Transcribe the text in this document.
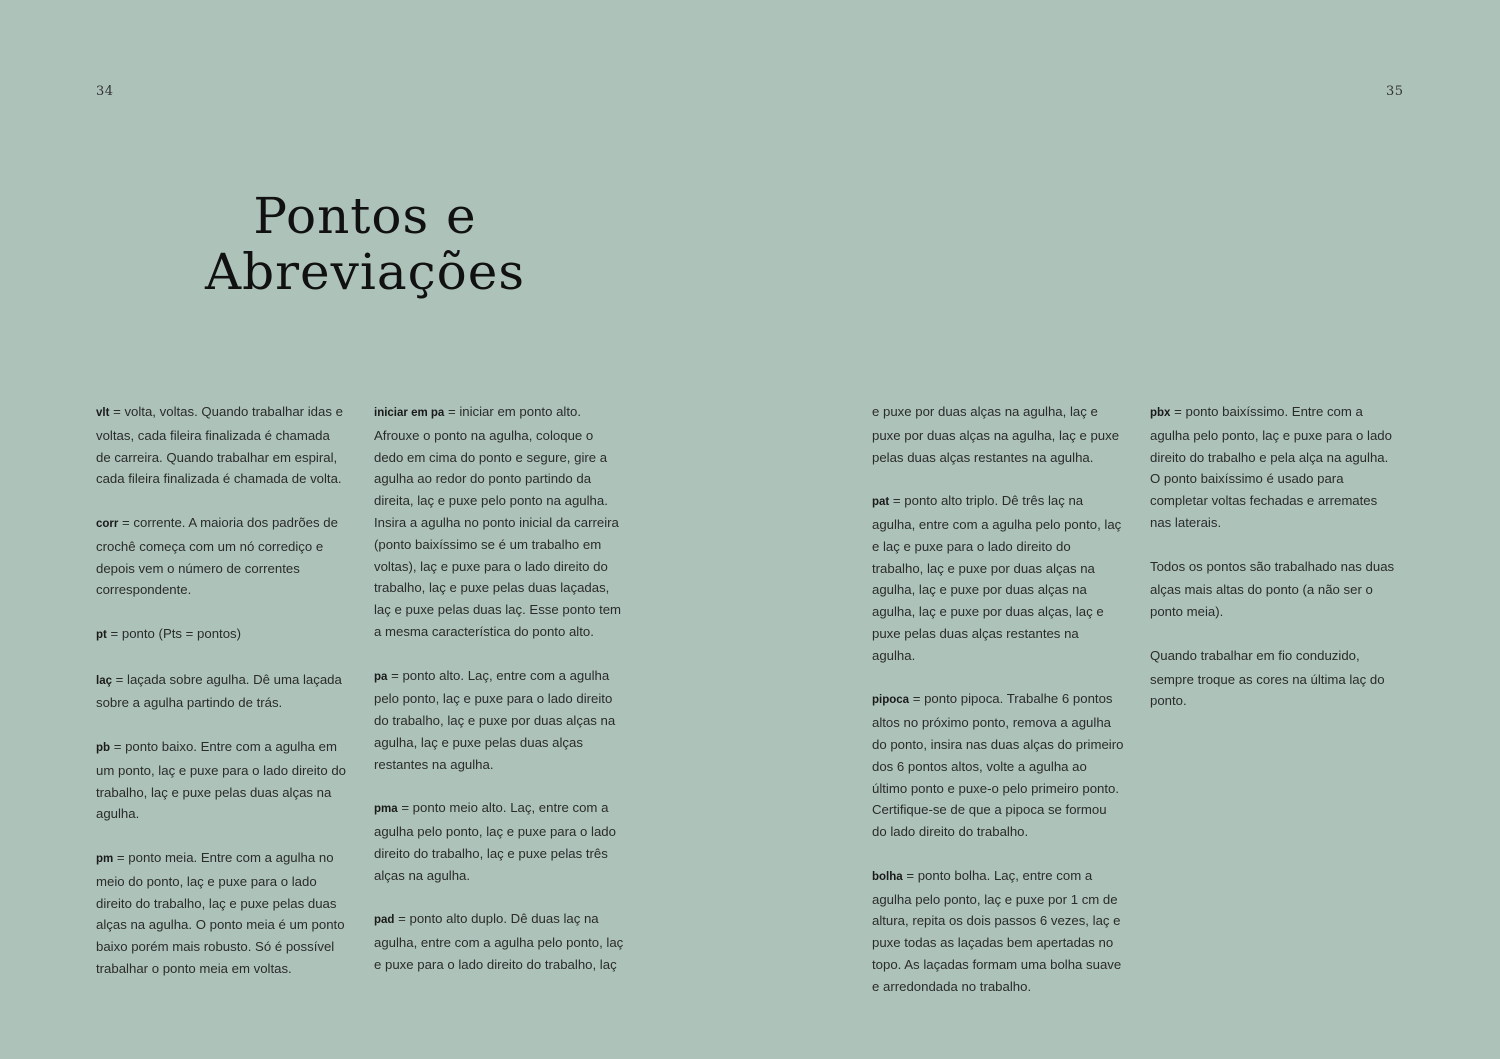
34	35
Pontos e
Abreviações

vlt = volta, voltas. Quando trabalhar idas e voltas, cada fileira finalizada é chamada de carreira. Quando trabalhar em espiral, cada fileira finalizada é chamada de volta.

corr = corrente. A maioria dos padrões de crochê começa com um nó corrediço e depois vem o número de correntes correspondente.

pt = ponto (Pts = pontos)

laç = laçada sobre agulha. Dê uma laçada sobre a agulha partindo de trás.

pb = ponto baixo. Entre com a agulha em um ponto, laç e puxe para o lado direito do trabalho, laç e puxe pelas duas alças na agulha.

pm = ponto meia. Entre com a agulha no meio do ponto, laç e puxe para o lado direito do trabalho, laç e puxe pelas duas alças na agulha. O ponto meia é um ponto baixo porém mais robusto. Só é possível trabalhar o ponto meia em voltas.

iniciar em pa = iniciar em ponto alto. Afrouxe o ponto na agulha, coloque o dedo em cima do ponto e segure, gire a agulha ao redor do ponto partindo da direita, laç e puxe pelo ponto na agulha. Insira a agulha no ponto inicial da carreira (ponto baixíssimo se é um trabalho em voltas), laç e puxe para o lado direito do trabalho, laç e puxe pelas duas laçadas, laç e puxe pelas duas laç. Esse ponto tem a mesma característica do ponto alto.

pa = ponto alto. Laç, entre com a agulha pelo ponto, laç e puxe para o lado direito do trabalho, laç e puxe por duas alças na agulha, laç e puxe pelas duas alças restantes na agulha.

pma = ponto meio alto. Laç, entre com a agulha pelo ponto, laç e puxe para o lado direito do trabalho, laç e puxe pelas três alças na agulha.

pad = ponto alto duplo. Dê duas laç na agulha, entre com a agulha pelo ponto, laç e puxe para o lado direito do trabalho, laç

e puxe por duas alças na agulha, laç e puxe por duas alças na agulha, laç e puxe pelas duas alças restantes na agulha.

pat = ponto alto triplo. Dê três laç na agulha, entre com a agulha pelo ponto, laç e laç e puxe para o lado direito do trabalho, laç e puxe por duas alças na agulha, laç e puxe por duas alças na agulha, laç e puxe por duas alças, laç e puxe pelas duas alças restantes na agulha.

pipoca = ponto pipoca. Trabalhe 6 pontos altos no próximo ponto, remova a agulha do ponto, insira nas duas alças do primeiro dos 6 pontos altos, volte a agulha ao último ponto e puxe-o pelo primeiro ponto. Certifique-se de que a pipoca se formou do lado direito do trabalho.

bolha = ponto bolha. Laç, entre com a agulha pelo ponto, laç e puxe por 1 cm de altura, repita os dois passos 6 vezes, laç e puxe todas as laçadas bem apertadas no topo. As laçadas formam uma bolha suave e arredondada no trabalho.

pbx = ponto baixíssimo. Entre com a agulha pelo ponto, laç e puxe para o lado direito do trabalho e pela alça na agulha. O ponto baixíssimo é usado para completar voltas fechadas e arremates nas laterais.

Todos os pontos são trabalhado nas duas alças mais altas do ponto (a não ser o ponto meia).

Quando trabalhar em fio conduzido, sempre troque as cores na última laç do ponto.
